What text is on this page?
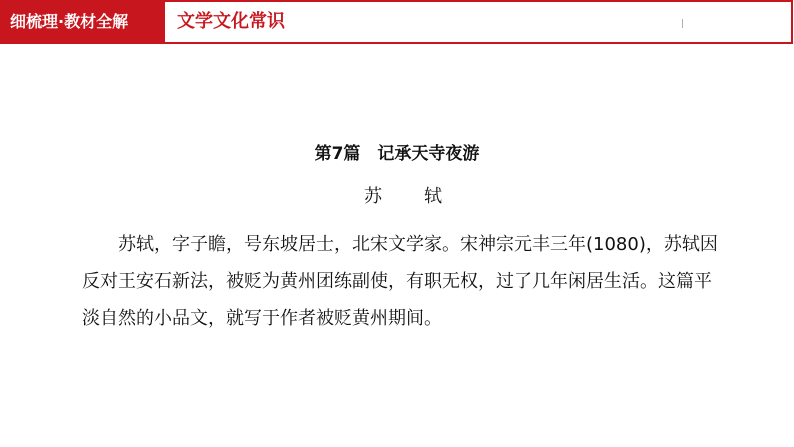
细梳理·教材全解	文学文化常识
第7篇　记承天寺夜游
苏　轼

苏轼，字子瞻，号东坡居士，北宋文学家。宋神宗元丰三年(1080)，苏轼因反对王安石新法，被贬为黄州团练副使，有职无权，过了几年闲居生活。这篇平淡自然的小品文，就写于作者被贬黄州期间。
